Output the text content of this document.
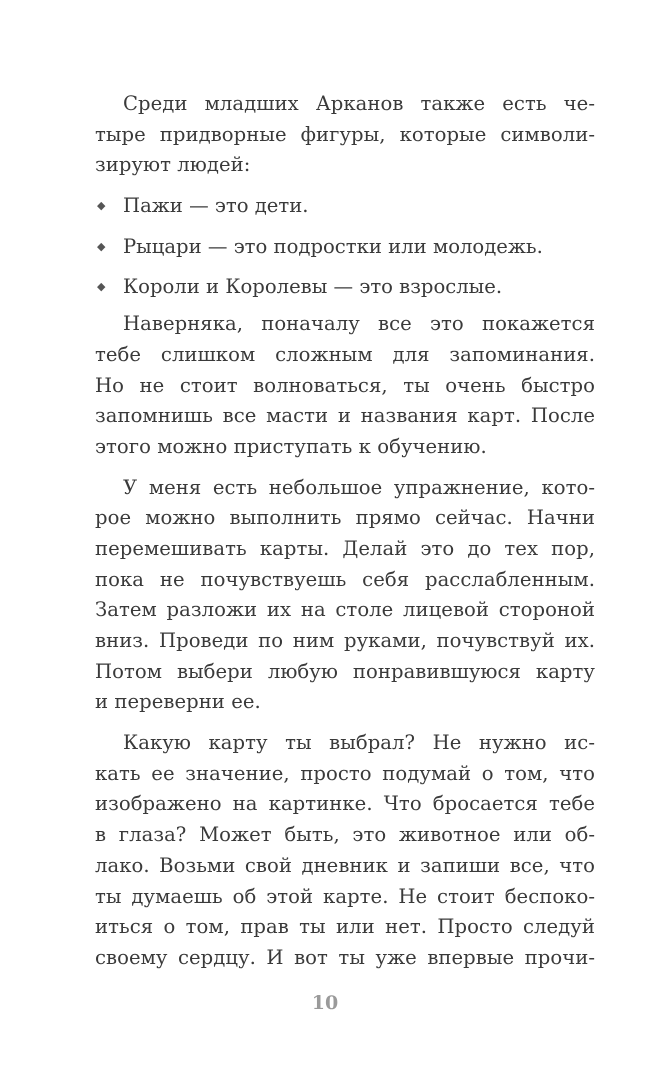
Среди младших Арканов также есть че-
тыре придворные фигуры, которые символи-
зируют людей:
◆ Пажи — это дети.
◆ Рыцари — это подростки или молодежь.
◆ Короли и Королевы — это взрослые.
Наверняка, поначалу все это покажется
тебе слишком сложным для запоминания.
Но не стоит волноваться, ты очень быстро
запомнишь все масти и названия карт. После
этого можно приступать к обучению.
У меня есть небольшое упражнение, кото-
рое можно выполнить прямо сейчас. Начни
перемешивать карты. Делай это до тех пор,
пока не почувствуешь себя расслабленным.
Затем разложи их на столе лицевой стороной
вниз. Проведи по ним руками, почувствуй их.
Потом выбери любую понравившуюся карту
и переверни ее.
Какую карту ты выбрал? Не нужно ис-
кать ее значение, просто подумай о том, что
изображено на картинке. Что бросается тебе
в глаза? Может быть, это животное или об-
лако. Возьми свой дневник и запиши все, что
ты думаешь об этой карте. Не стоит беспоко-
иться о том, прав ты или нет. Просто следуй
своему сердцу. И вот ты уже впервые прочи-
10
